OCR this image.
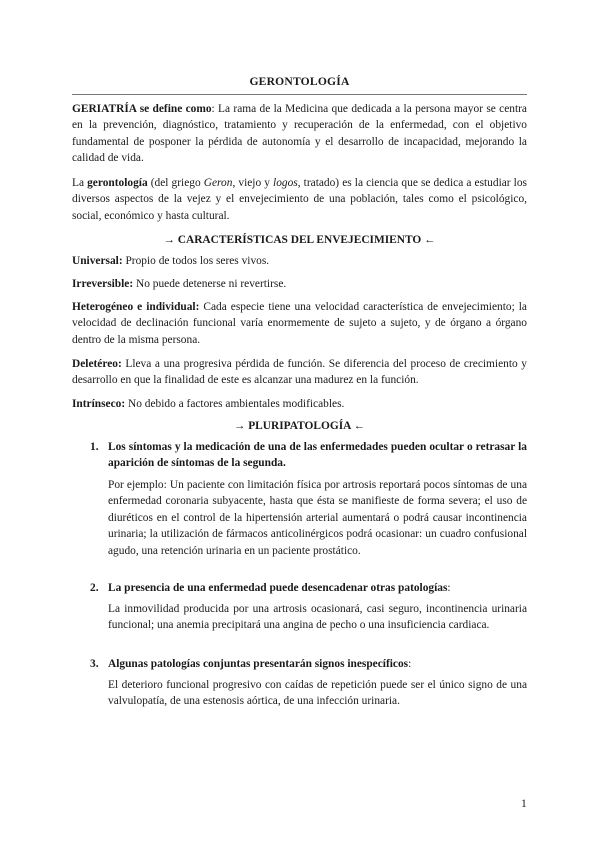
GERONTOLOGÍA

GERIATRÍA se define como: La rama de la Medicina que dedicada a la persona mayor se centra en la prevención, diagnóstico, tratamiento y recuperación de la enfermedad, con el objetivo fundamental de posponer la pérdida de autonomía y el desarrollo de incapacidad, mejorando la calidad de vida.

La gerontología (del griego Geron, viejo y logos, tratado) es la ciencia que se dedica a estudiar los diversos aspectos de la vejez y el envejecimiento de una población, tales como el psicológico, social, económico y hasta cultural.

→ CARACTERÍSTICAS DEL ENVEJECIMIENTO ←

Universal: Propio de todos los seres vivos.

Irreversible: No puede detenerse ni revertirse.

Heterogéneo e individual: Cada especie tiene una velocidad característica de envejecimiento; la velocidad de declinación funcional varía enormemente de sujeto a sujeto, y de órgano a órgano dentro de la misma persona.

Deletéreo: Lleva a una progresiva pérdida de función. Se diferencia del proceso de crecimiento y desarrollo en que la finalidad de este es alcanzar una madurez en la función.

Intrínseco: No debido a factores ambientales modificables.

→ PLURIPATOLOGÍA ←

1. Los síntomas y la medicación de una de las enfermedades pueden ocultar o retrasar la aparición de síntomas de la segunda.

Por ejemplo: Un paciente con limitación física por artrosis reportará pocos síntomas de una enfermedad coronaria subyacente, hasta que ésta se manifieste de forma severa; el uso de diuréticos en el control de la hipertensión arterial aumentará o podrá causar incontinencia urinaria; la utilización de fármacos anticolinérgicos podrá ocasionar: un cuadro confusional agudo, una retención urinaria en un paciente prostático.

2. La presencia de una enfermedad puede desencadenar otras patologías:

La inmovilidad producida por una artrosis ocasionará, casi seguro, incontinencia urinaria funcional; una anemia precipitará una angina de pecho o una insuficiencia cardiaca.

3. Algunas patologías conjuntas presentarán signos inespecíficos:

El deterioro funcional progresivo con caídas de repetición puede ser el único signo de una valvulopatía, de una estenosis aórtica, de una infección urinaria.

1
